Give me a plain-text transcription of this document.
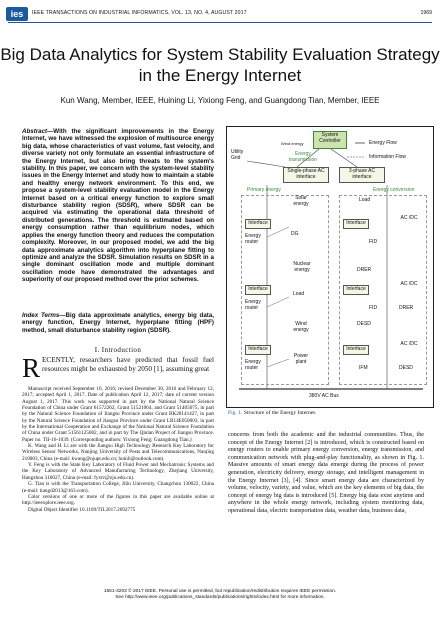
ies	IEEE TRANSACTIONS ON INDUSTRIAL INFORMATICS, VOL. 13, NO. 4, AUGUST 2017	1969
Big Data Analytics for System Stability Evaluation Strategy in the Energy Internet
Kun Wang, Member, IEEE, Huining Li, Yixiong Feng, and Guangdong Tian, Member, IEEE
Abstract—With the significant improvements in the Energy Internet, we have witnessed the explosion of multisource energy big data, whose characteristics of vast volume, fast velocity, and diverse variety not only formulate an essential infrastructure of the Energy Internet, but also bring threats to the system's stability. In this paper, we concern with the system-level stability issues in the Energy Internet and study how to maintain a stable and healthy energy network environment. To this end, we propose a system-level stability evaluation model in the Energy Internet based on a critical energy function to explore small disturbance stability region (SDSR), where SDSR can be acquired via estimating the operational data threshold of distributed generations. The threshold is estimated based on energy consumption rather than equilibrium nodes, which applies the energy function theory and reduces the computation complexity. Moreover, in our proposed model, we add the big data approximate analytics algorithm into hyperplane fitting to optimize and analyze the SDSR. Simulation results on SDSR in a single dominant oscillation mode and multiple dominant oscillation mode have demonstrated the advantages and superiority of our proposed method over the prior schemes.
Index Terms—Big data approximate analytics, energy big data, energy function, Energy Internet, hyperplane fitting (HPF) method, small disturbance stability region (SDSR).
I. Introduction
RECENTLY, researchers have predicted that fossil fuel resources might be exhausted by 2050 [1], assuming great
Manuscript received September 16, 2016; revised December 30, 2016 and February 12, 2017; accepted April 1, 2017. Date of publication April 12, 2017; date of current version August 1, 2017. This work was supported in part by the National Natural Science Foundation of China under Grant 61572262, Grant 51521064, and Grant 51405075, in part by the Natural Science Foundation of Jiangsu Province under Grant BK20141427, in part by the Natural Science Foundation of Jiangsu Province under Grant LR14E050003, in part by the International Cooperation and Exchange of the National Natural Science Foundation of China under Grant 51561125002, and in part by The Qinlan Project of Jiangsu Province. Paper no. TII-16-1039. (Corresponding authors: Yixiong Feng; Guangdong Tian.)
K. Wang and H. Li are with the Jiangsu High Technology Research Key Laboratory for Wireless Sensor Networks, Nanjing University of Posts and Telecommunications, Nanjing 210003, China (e-mail: kwang@njupt.edu.cn; huinli@outlook.com).
Y. Feng is with the State Key Laboratory of Fluid Power and Mechatronic Systems and the Key Laboratory of Advanced Manufacturing Technology, Zhejiang University, Hangzhou 310027, China (e-mail: fyxtv@zju.edu.cn).
G. Tian is with the Transportation College, Jilin University, Changchun 130022, China (e-mail: tiangd2013@163.com).
Color versions of one or more of the figures in this paper are available online at http://ieeexplore.ieee.org.
Digital Object Identifier 10.1109/TII.2017.2692775
System Controller
Wind energy
Energy transmission
Energy Flow
Information Flow
Utility Grid
Single-phase AC interface
3-phase AC interface
Primary energy	Energy conversion
Solar energy
Interface
Energy router
DG
Load
Interface
AC /DC
FID
Nuclear energy
Interface
Energy router
Load
DRER
Interface
AC /DC
FID	DRER
Wind energy
DESD
Interface
Energy router
Power plant
Interface
AC /DC
IFM	DESD
380V AC Bus
Fig. 1. Structure of the Energy Internet.
concerns from both the academic and the industrial communities. Thus, the concept of the Energy Internet [2] is introduced, which is constructed based on energy routers to enable primary energy conversion, energy transmission, and communication network with plug-and-play functionality, as shown in Fig. 1. Massive amounts of smart energy data emerge during the process of power generation, electricity delivery, energy storage, and intelligent management in the Energy Internet [3], [4]. Since smart energy data are characterized by volume, velocity, variety, and value, which are the key elements of big data, the concept of energy big data is introduced [5]. Energy big data exist anytime and anywhere in the whole energy network, including system monitoring data, operational data, electric transportation data, weather data, business data,
1551-3203 © 2017 IEEE. Personal use is permitted, but republication/redistribution requires IEEE permission.
See http://www.ieee.org/publications_standards/publications/rights/index.html for more information.
